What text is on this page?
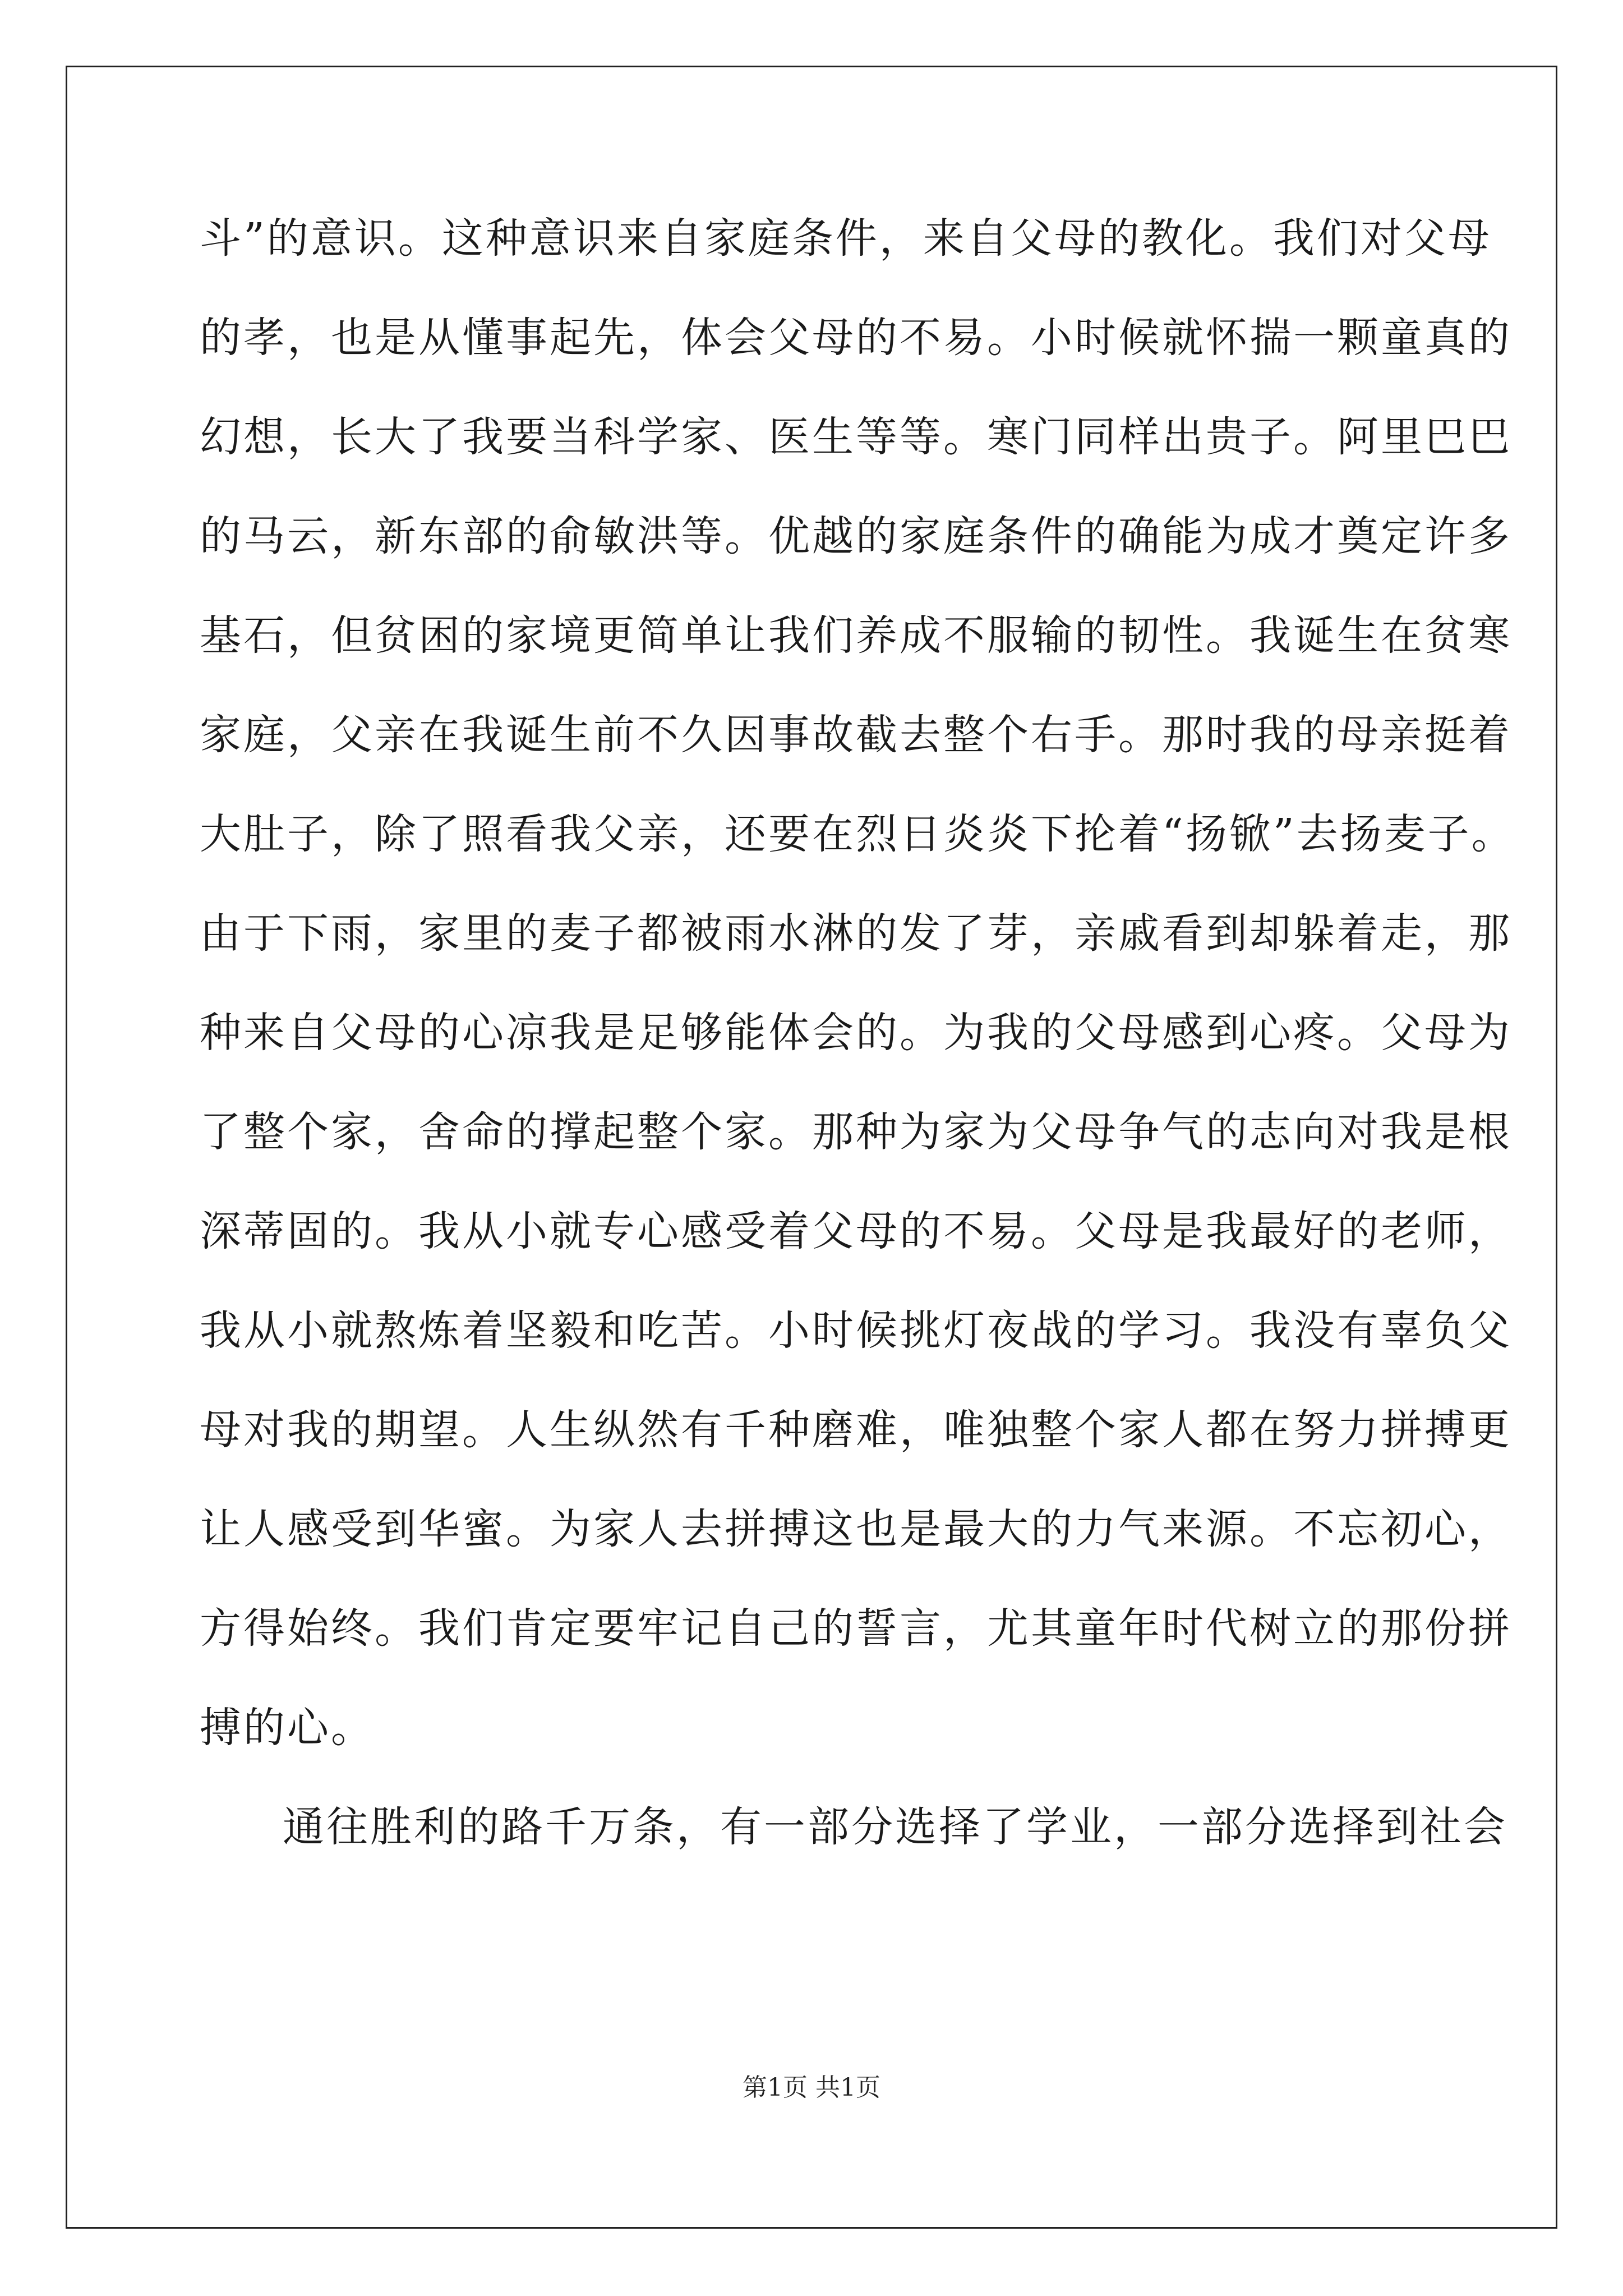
斗”的意识。这种意识来自家庭条件，来自父母的教化。我们对父母
的孝，也是从懂事起先，体会父母的不易。小时候就怀揣一颗童真的
幻想，长大了我要当科学家、医生等等。寒门同样出贵子。阿里巴巴
的马云，新东部的俞敏洪等。优越的家庭条件的确能为成才奠定许多
基石，但贫困的家境更简单让我们养成不服输的韧性。我诞生在贫寒
家庭，父亲在我诞生前不久因事故截去整个右手。那时我的母亲挺着
大肚子，除了照看我父亲，还要在烈日炎炎下抡着“扬锨”去扬麦子。
由于下雨，家里的麦子都被雨水淋的发了芽，亲戚看到却躲着走，那
种来自父母的心凉我是足够能体会的。为我的父母感到心疼。父母为
了整个家，舍命的撑起整个家。那种为家为父母争气的志向对我是根
深蒂固的。我从小就专心感受着父母的不易。父母是我最好的老师，
我从小就熬炼着坚毅和吃苦。小时候挑灯夜战的学习。我没有辜负父
母对我的期望。人生纵然有千种磨难，唯独整个家人都在努力拼搏更
让人感受到华蜜。为家人去拼搏这也是最大的力气来源。不忘初心，
方得始终。我们肯定要牢记自己的誓言，尤其童年时代树立的那份拼
搏的心。
通往胜利的路千万条，有一部分选择了学业，一部分选择到社会
第1页 共1页
